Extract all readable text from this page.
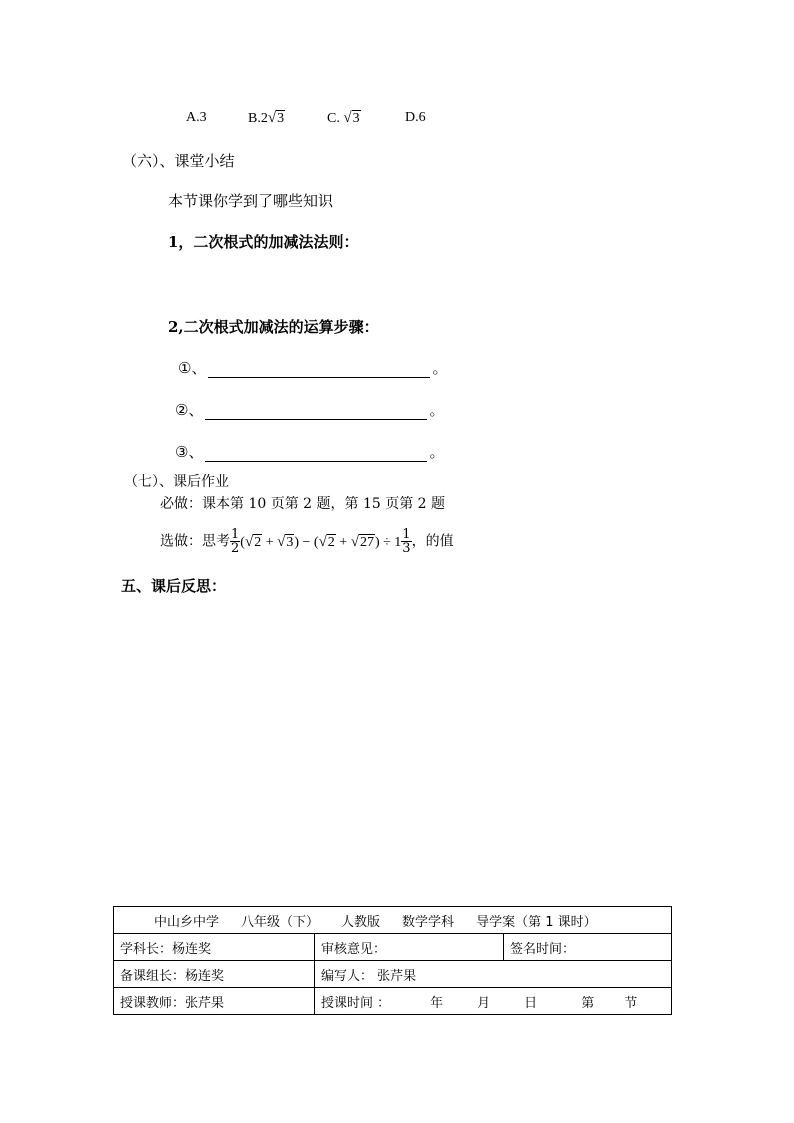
A.3	B.2√3	C. √3	D.6
（六）、课堂小结
本节课你学到了哪些知识
1，二次根式的加减法法则：
2,二次根式加减法的运算步骤：
①、	。
②、	。
③、	。
（七）、课后作业
必做：课本第 10 页第 2 题，第 15 页第 2 题
选做：思考 $\frac{1}{2} (√2 + √3) - (√2 + √27) \div 1 \frac{1}{3}$ ，的值
五、课后反思：
中山乡中学 八年级（下） 人教版 数学学科 导学案（第 1 课时）		
学科长：杨连奖	审核意见：	签名时间：
备课组长：杨连奖	编写人： 张芹果	
授课教师：张芹果	授课时间 ： 年 月 日 第 节	
